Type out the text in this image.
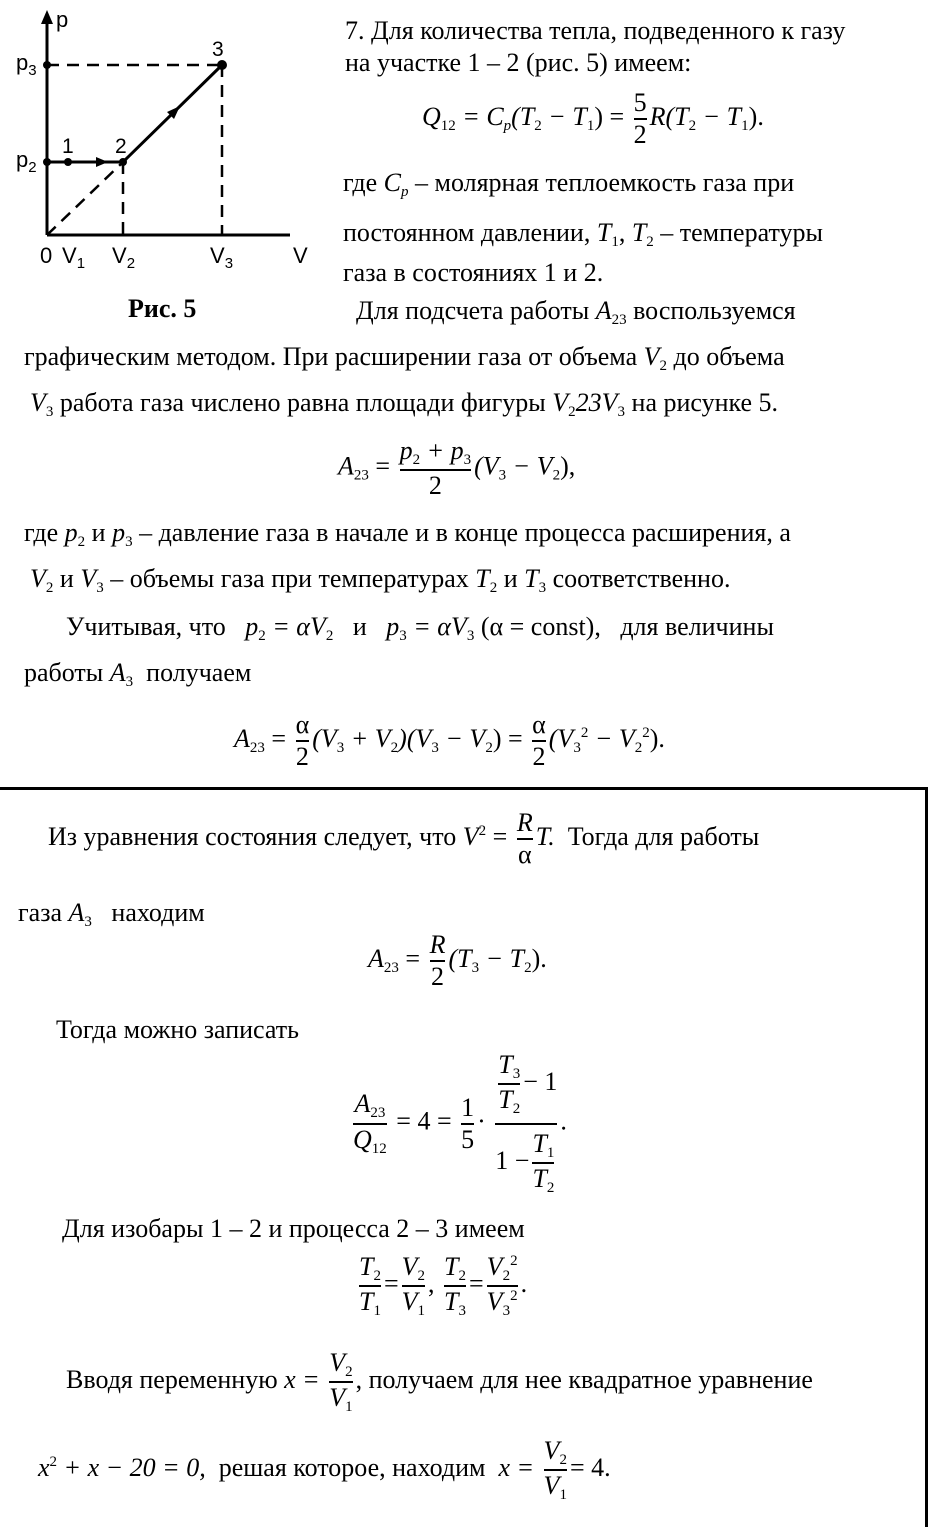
p
$p_3$
$p_2$
1 2
3
0 $V_1$ $V_2$	$V_3$	V
Рис. 5
7. Для количества тепла, подведенного к газу
на участке 1 – 2 (рис. 5) имеем:
$Q_{12} = C_p(T_2 - T_1) = \frac{5}{2} R(T_2 - T_1)$.
где $C_p$ – молярная теплоемкость газа при
постоянном давлении, $T_1$, $T_2$ – температуры
газа в состояниях 1 и 2.
Для подсчета работы $A_{23}$ воспользуемся
графическим методом. При расширении газа от объема $V_2$ до объема
$V_3$ работа газа числено равна площади фигуры $V_223V_3$ на рисунке 5.
$A_{23} = \frac{p_2 + p_3}{2} (V_3 - V_2)$,
где $p_2$ и $p_3$ – давление газа в начале и в конце процесса расширения, а
$V_2$ и $V_3$ – объемы газа при температурах $T_2$ и $T_3$ соответственно.
Учитывая, что $p_2 = \alpha V_2$ и $p_3 = \alpha V_3$ (α = const), для величины
работы $A_3$ получаем
$A_{23} = \frac{\alpha}{2} (V_3 + V_2)(V_3 - V_2) = \frac{\alpha}{2} (V_3^2 - V_2^2)$.
Из уравнения состояния следует, что $V^2 = \frac{R}{\alpha} T$. Тогда для работы
газа $A_3$ находим
$A_{23} = \frac{R}{2} (T_3 - T_2)$.
Тогда можно записать
$\frac{A_{23}}{Q_{12}} = 4 = \frac{1}{5} \cdot \frac{\frac{T_3}{T_2} - 1}{1 - \frac{T_1}{T_2}}$ .
Для изобары 1 – 2 и процесса 2 – 3 имеем
$\frac{T_2}{T_1} = \frac{V_2}{V_1}$ , $\frac{T_2}{T_3} = \frac{V_2^2}{V_3^2}$ .
Вводя переменную $x = \frac{V_2}{V_1}$ , получаем для нее квадратное уравнение
$x^2 + x - 20 = 0$, решая которое, находим $x = \frac{V_2}{V_1} = 4$.
